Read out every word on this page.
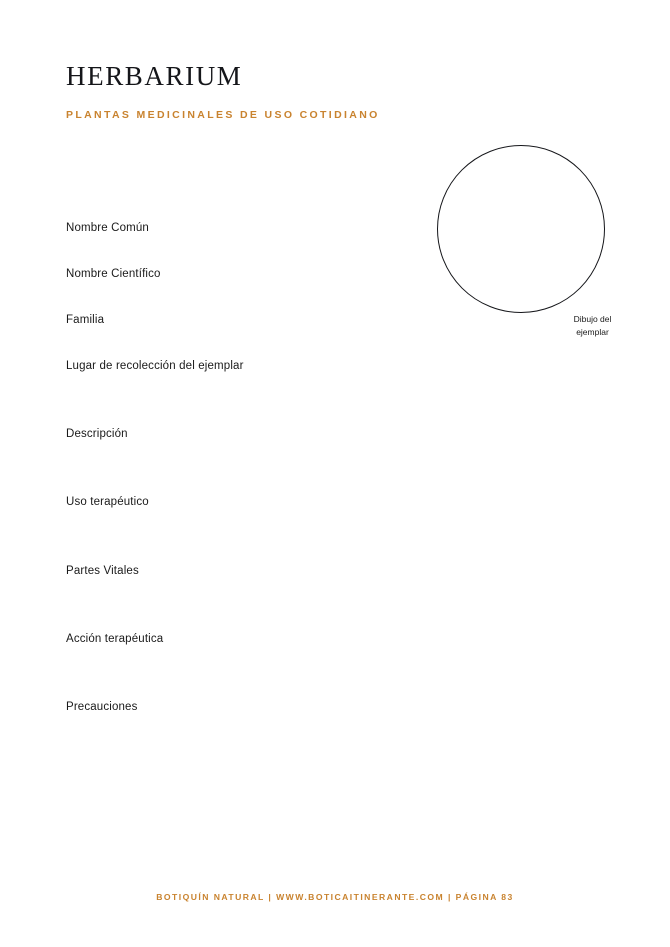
HERBARIUM

PLANTAS MEDICINALES DE USO COTIDIANO

Dibujo del
ejemplar
Nombre Común
Nombre Científico
Familia
Lugar de recolección del ejemplar
Descripción
Uso terapéutico
Partes Vitales
Acción terapéutica
Precauciones
BOTIQUÍN NATURAL | WWW.BOTICAITINERANTE.COM | PÁGINA 83
